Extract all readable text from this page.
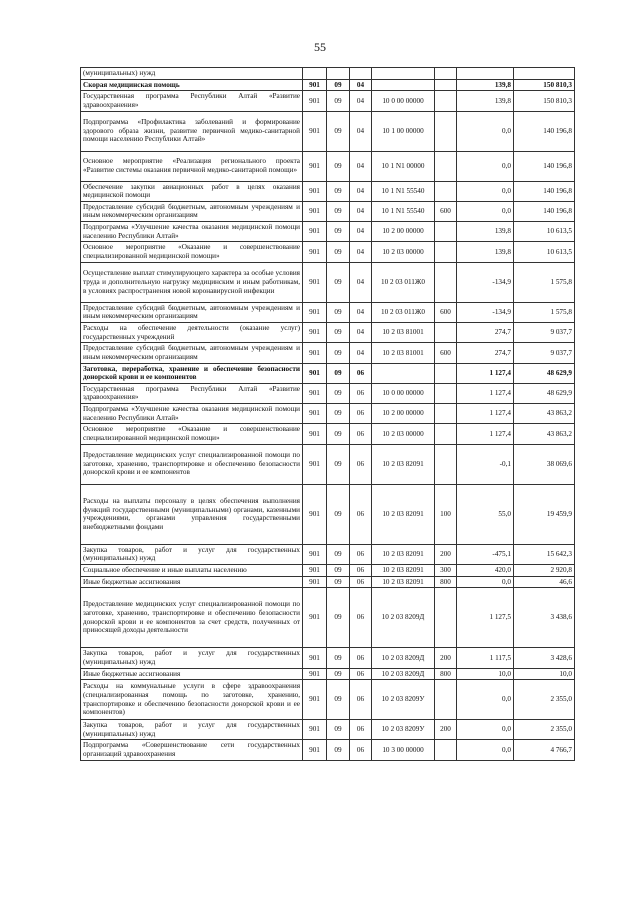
55
(муниципальных) нужд							
Скорая медицинская помощь	901	09	04			139,8	150 810,3
Государственная программа Республики Алтай «Развитие здравоохранения»	901	09	04	10 0 00 00000		139,8	150 810,3
Подпрограмма «Профилактика заболеваний и формирование здорового образа жизни, развитие первичной медико-санитарной помощи населению Республики Алтай»	901	09	04	10 1 00 00000		0,0	140 196,8
Основное мероприятие «Реализация регионального проекта «Развитие системы оказания первичной медико-санитарной помощи»	901	09	04	10 1 N1 00000		0,0	140 196,8
Обеспечение закупки авиационных работ в целях оказания медицинской помощи	901	09	04	10 1 N1 55540		0,0	140 196,8
Предоставление субсидий бюджетным, автономным учреждениям и иным некоммерческим организациям	901	09	04	10 1 N1 55540	600	0,0	140 196,8
Подпрограмма «Улучшение качества оказания медицинской помощи населению Республики Алтай»	901	09	04	10 2 00 00000		139,8	10 613,5
Основное мероприятие «Оказание и совершенствование специализированной медицинской помощи»	901	09	04	10 2 03 00000		139,8	10 613,5
Осуществление выплат стимулирующего характера за особые условия труда и дополнительную нагрузку медицинским и иным работникам, в условиях распространения новой коронавирусной инфекции	901	09	04	10 2 03 011Ж0		-134,9	1 575,8
Предоставление субсидий бюджетным, автономным учреждениям и иным некоммерческим организациям	901	09	04	10 2 03 011Ж0	600	-134,9	1 575,8
Расходы на обеспечение деятельности (оказание услуг) государственных учреждений	901	09	04	10 2 03 81001		274,7	9 037,7
Предоставление субсидий бюджетным, автономным учреждениям и иным некоммерческим организациям	901	09	04	10 2 03 81001	600	274,7	9 037,7
Заготовка, переработка, хранение и обеспечение безопасности донорской крови и ее компонентов	901	09	06			1 127,4	48 629,9
Государственная программа Республики Алтай «Развитие здравоохранения»	901	09	06	10 0 00 00000		1 127,4	48 629,9
Подпрограмма «Улучшение качества оказания медицинской помощи населению Республики Алтай»	901	09	06	10 2 00 00000		1 127,4	43 863,2
Основное мероприятие «Оказание и совершенствование специализированной медицинской помощи»	901	09	06	10 2 03 00000		1 127,4	43 863,2
Предоставление медицинских услуг специализированной помощи по заготовке, хранению, транспортировке и обеспечению безопасности донорской крови и ее компонентов	901	09	06	10 2 03 82091		-0,1	38 069,6
Расходы на выплаты персоналу в целях обеспечения выполнения функций государственными (муниципальными) органами, казенными учреждениями, органами управления государственными внебюджетными фондами	901	09	06	10 2 03 82091	100	55,0	19 459,9
Закупка товаров, работ и услуг для государственных (муниципальных) нужд	901	09	06	10 2 03 82091	200	-475,1	15 642,3
Социальное обеспечение и иные выплаты населению	901	09	06	10 2 03 82091	300	420,0	2 920,8
Иные бюджетные ассигнования	901	09	06	10 2 03 82091	800	0,0	46,6
Предоставление медицинских услуг специализированной помощи по заготовке, хранению, транспортировке и обеспечению безопасности донорской крови и ее компонентов за счет средств, полученных от приносящей доходы деятельности	901	09	06	10 2 03 8209Д		1 127,5	3 438,6
Закупка товаров, работ и услуг для государственных (муниципальных) нужд	901	09	06	10 2 03 8209Д	200	1 117,5	3 428,6
Иные бюджетные ассигнования	901	09	06	10 2 03 8209Д	800	10,0	10,0
Расходы на коммунальные услуги в сфере здравоохранения (специализированная помощь по заготовке, хранению, транспортировке и обеспечению безопасности донорской крови и ее компонентов)	901	09	06	10 2 03 8209У		0,0	2 355,0
Закупка товаров, работ и услуг для государственных (муниципальных) нужд	901	09	06	10 2 03 8209У	200	0,0	2 355,0
Подпрограмма «Совершенствование сети государственных организаций здравоохранения	901	09	06	10 3 00 00000		0,0	4 766,7
